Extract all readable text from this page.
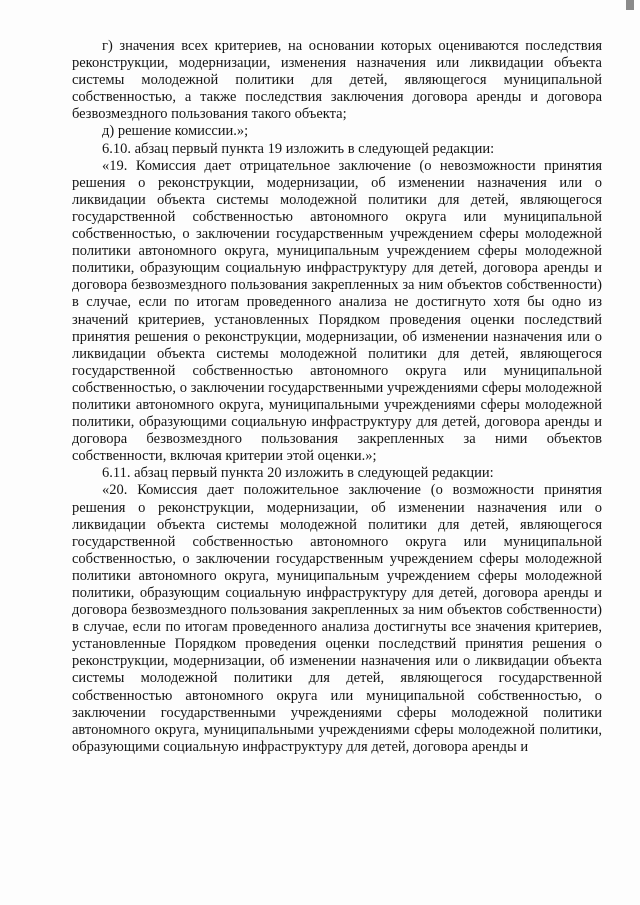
г) значения всех критериев, на основании которых оцениваются последствия реконструкции, модернизации, изменения назначения или ликвидации объекта системы молодежной политики для детей, являющегося муниципальной собственностью, а также последствия заключения договора аренды и договора безвозмездного пользования такого объекта;

д) решение комиссии.»;

6.10. абзац первый пункта 19 изложить в следующей редакции:

«19. Комиссия дает отрицательное заключение (о невозможности принятия решения о реконструкции, модернизации, об изменении назначения или о ликвидации объекта системы молодежной политики для детей, являющегося государственной собственностью автономного округа или муниципальной собственностью, о заключении государственным учреждением сферы молодежной политики автономного округа, муниципальным учреждением сферы молодежной политики, образующим социальную инфраструктуру для детей, договора аренды и договора безвозмездного пользования закрепленных за ним объектов собственности) в случае, если по итогам проведенного анализа не достигнуто хотя бы одно из значений критериев, установленных Порядком проведения оценки последствий принятия решения о реконструкции, модернизации, об изменении назначения или о ликвидации объекта системы молодежной политики для детей, являющегося государственной собственностью автономного округа или муниципальной собственностью, о заключении государственными учреждениями сферы молодежной политики автономного округа, муниципальными учреждениями сферы молодежной политики, образующими социальную инфраструктуру для детей, договора аренды и договора безвозмездного пользования закрепленных за ними объектов собственности, включая критерии этой оценки.»;

6.11. абзац первый пункта 20 изложить в следующей редакции:

«20. Комиссия дает положительное заключение (о возможности принятия решения о реконструкции, модернизации, об изменении назначения или о ликвидации объекта системы молодежной политики для детей, являющегося государственной собственностью автономного округа или муниципальной собственностью, о заключении государственным учреждением сферы молодежной политики автономного округа, муниципальным учреждением сферы молодежной политики, образующим социальную инфраструктуру для детей, договора аренды и договора безвозмездного пользования закрепленных за ним объектов собственности) в случае, если по итогам проведенного анализа достигнуты все значения критериев, установленные Порядком проведения оценки последствий принятия решения о реконструкции, модернизации, об изменении назначения или о ликвидации объекта системы молодежной политики для детей, являющегося государственной собственностью автономного округа или муниципальной собственностью, о заключении государственными учреждениями сферы молодежной политики автономного округа, муниципальными учреждениями сферы молодежной политики, образующими социальную инфраструктуру для детей, договора аренды и
